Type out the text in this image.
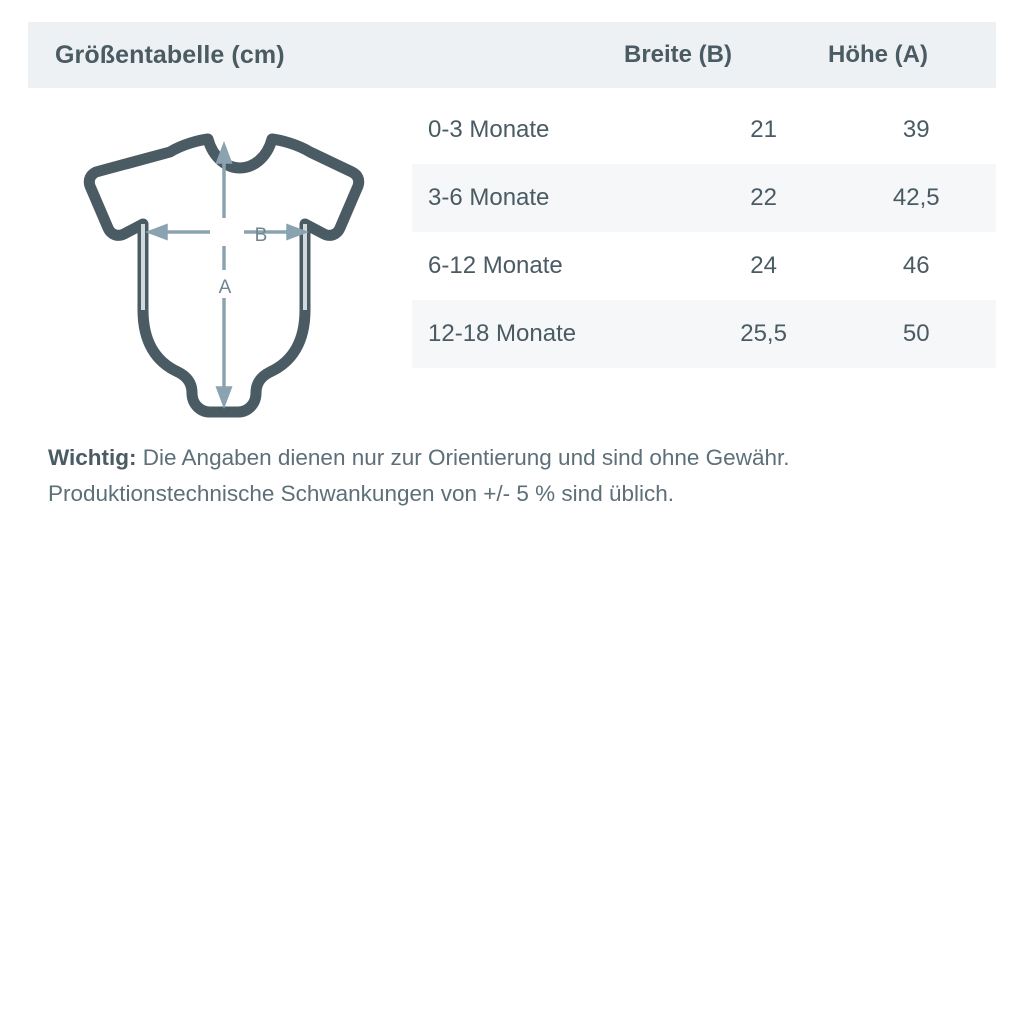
Größentabelle (cm)	Breite (B)	Höhe (A)
B
A
0-3 Monate	21	39
3-6 Monate	22	42,5
6-12 Monate	24	46
12-18 Monate	25,5	50
Wichtig: Die Angaben dienen nur zur Orientierung und sind ohne Gewähr.
Produktionstechnische Schwankungen von +/- 5 % sind üblich.
